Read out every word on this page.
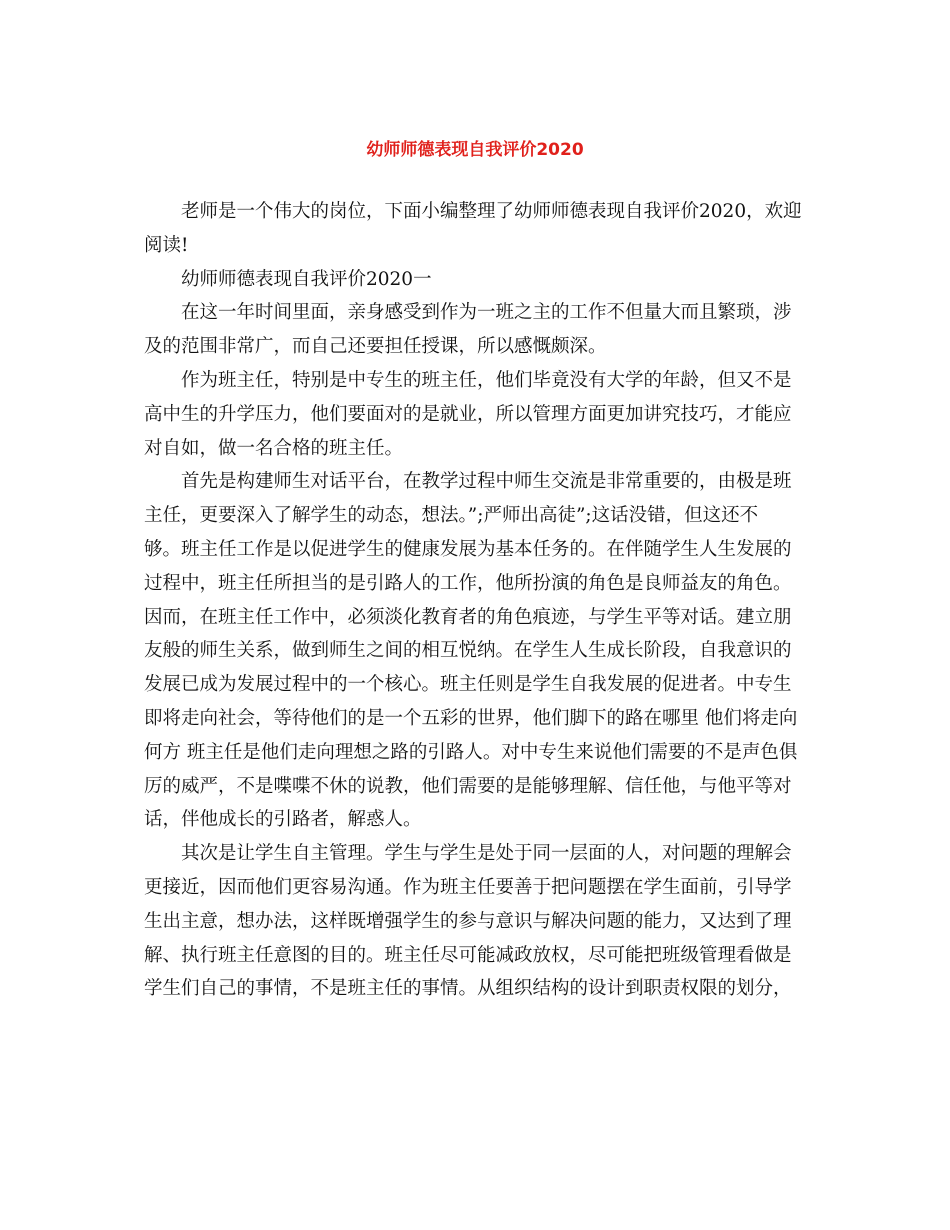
幼师师德表现自我评价2020
老师是一个伟大的岗位，下面小编整理了幼师师德表现自我评价2020，欢迎
阅读!
幼师师德表现自我评价2020一
在这一年时间里面，亲身感受到作为一班之主的工作不但量大而且繁琐，涉
及的范围非常广，而自己还要担任授课，所以感慨颇深。
作为班主任，特别是中专生的班主任，他们毕竟没有大学的年龄，但又不是
高中生的升学压力，他们要面对的是就业，所以管理方面更加讲究技巧，才能应
对自如，做一名合格的班主任。
首先是构建师生对话平台，在教学过程中师生交流是非常重要的，由极是班
主任，更要深入了解学生的动态，想法。”;严师出高徒”;这话没错，但这还不
够。班主任工作是以促进学生的健康发展为基本任务的。在伴随学生人生发展的
过程中，班主任所担当的是引路人的工作，他所扮演的角色是良师益友的角色。
因而，在班主任工作中，必须淡化教育者的角色痕迹，与学生平等对话。建立朋
友般的师生关系，做到师生之间的相互悦纳。在学生人生成长阶段，自我意识的
发展已成为发展过程中的一个核心。班主任则是学生自我发展的促进者。中专生
即将走向社会，等待他们的是一个五彩的世界，他们脚下的路在哪里 他们将走向
何方 班主任是他们走向理想之路的引路人。对中专生来说他们需要的不是声色俱
厉的威严，不是喋喋不休的说教，他们需要的是能够理解、信任他，与他平等对
话，伴他成长的引路者，解惑人。
其次是让学生自主管理。学生与学生是处于同一层面的人，对问题的理解会
更接近，因而他们更容易沟通。作为班主任要善于把问题摆在学生面前，引导学
生出主意，想办法，这样既增强学生的参与意识与解决问题的能力，又达到了理
解、执行班主任意图的目的。班主任尽可能减政放权，尽可能把班级管理看做是
学生们自己的事情，不是班主任的事情。从组织结构的设计到职责权限的划分，
